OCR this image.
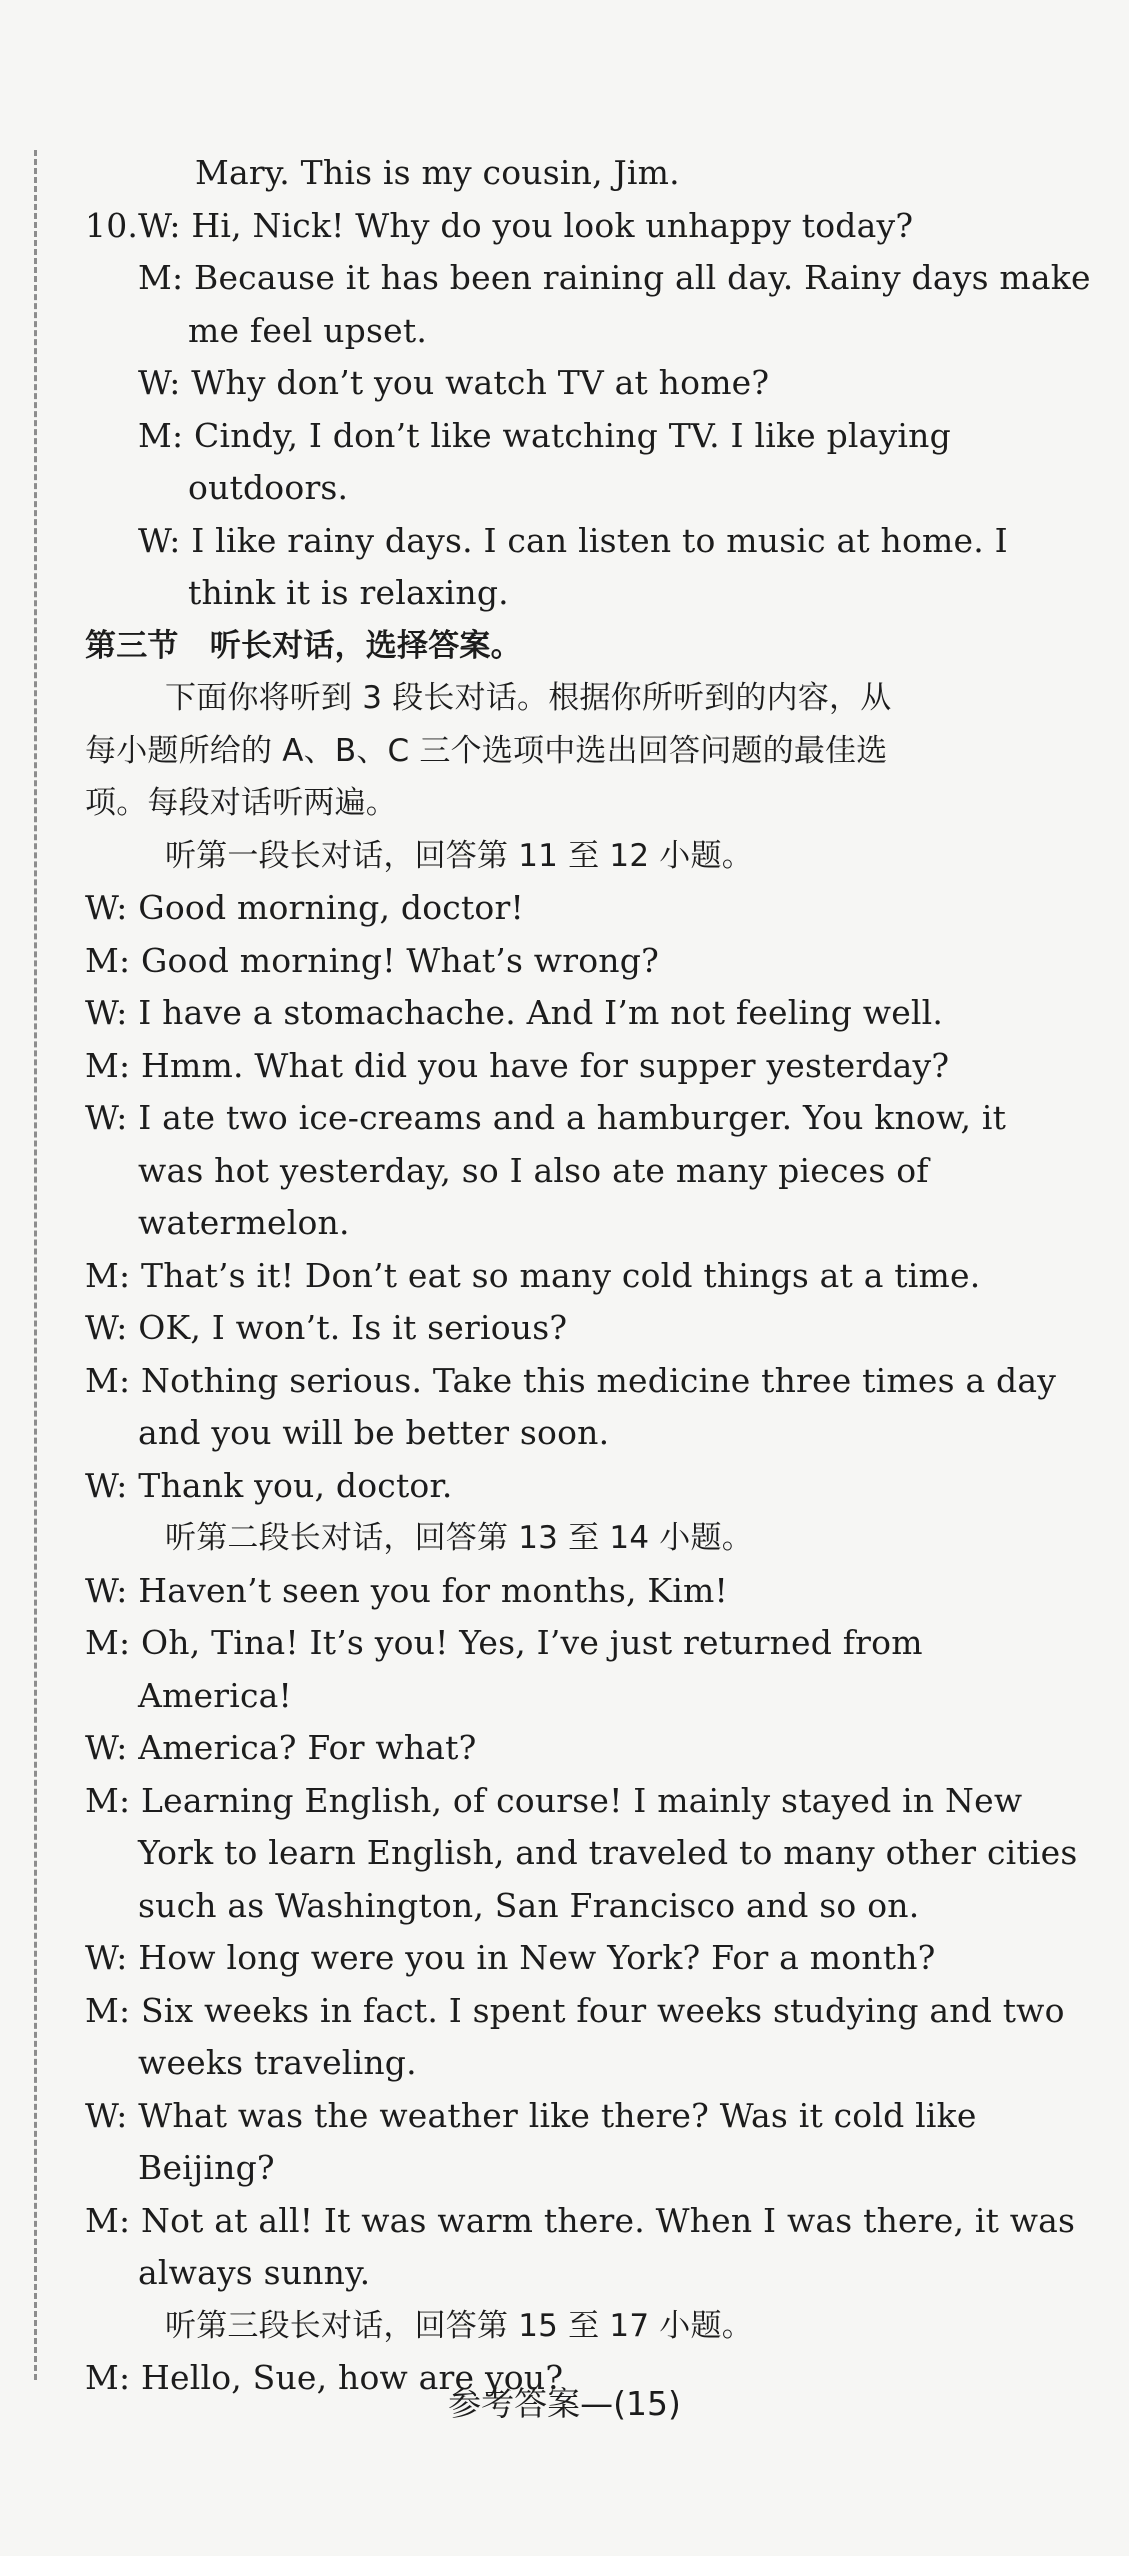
Mary. This is my cousin, Jim.
10.W: Hi, Nick! Why do you look unhappy today?
M: Because it has been raining all day. Rainy days make
me feel upset.
W: Why don’t you watch TV at home?
M: Cindy, I don’t like watching TV. I like playing
outdoors.
W: I like rainy days. I can listen to music at home. I
think it is relaxing.
第三节　听长对话，选择答案。
下面你将听到 3 段长对话。根据你所听到的内容，从
每小题所给的 A、B、C 三个选项中选出回答问题的最佳选
项。每段对话听两遍。
听第一段长对话，回答第 11 至 12 小题。
W: Good morning, doctor!
M: Good morning! What’s wrong?
W: I have a stomachache. And I’m not feeling well.
M: Hmm. What did you have for supper yesterday?
W: I ate two ice-creams and a hamburger. You know, it
was hot yesterday, so I also ate many pieces of
watermelon.
M: That’s it! Don’t eat so many cold things at a time.
W: OK, I won’t. Is it serious?
M: Nothing serious. Take this medicine three times a day
and you will be better soon.
W: Thank you, doctor.
听第二段长对话，回答第 13 至 14 小题。
W: Haven’t seen you for months, Kim!
M: Oh, Tina! It’s you! Yes, I’ve just returned from
America!
W: America? For what?
M: Learning English, of course! I mainly stayed in New
York to learn English, and traveled to many other cities
such as Washington, San Francisco and so on.
W: How long were you in New York? For a month?
M: Six weeks in fact. I spent four weeks studying and two
weeks traveling.
W: What was the weather like there? Was it cold like
Beijing?
M: Not at all! It was warm there. When I was there, it was
always sunny.
听第三段长对话，回答第 15 至 17 小题。
M: Hello, Sue, how are you?
参考答案—(15)
